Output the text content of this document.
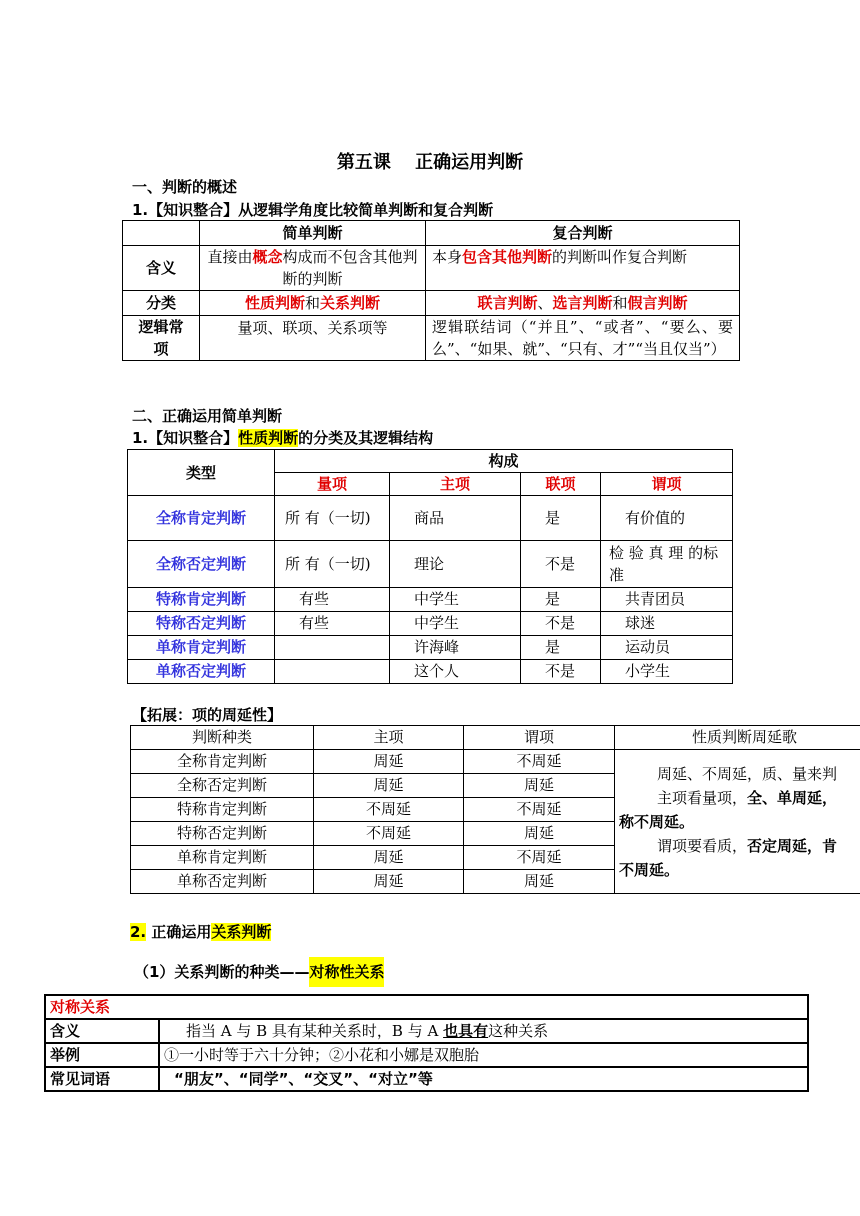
第五课　 正确运用判断
一、判断的概述
1.【知识整合】从逻辑学角度比较简单判断和复合判断
	简单判断	复合判断
含义	直接由概念构成而不包含其他判断的判断	本身包含其他判断的判断叫作复合判断
分类	性质判断和关系判断	联言判断、选言判断和假言判断
逻辑常项	量项、联项、关系项等	逻辑联结词（“并且”、“或者”、“要么、要么”、“如果、就”、“只有、才”“当且仅当”）
二、正确运用简单判断
1.【知识整合】性质判断的分类及其逻辑结构
类型	构成			
	量项	主项	联项	谓项
全称肯定判断	所 有（一切)	商品	是	有价值的
全称否定判断	所 有（一切)	理论	不是	检 验 真 理 的标准
特称肯定判断	有些	中学生	是	共青团员
特称否定判断	有些	中学生	不是	球迷
单称肯定判断		许海峰	是	运动员
单称否定判断		这个人	不是	小学生
【拓展：项的周延性】
判断种类	主项	谓项	性质判断周延歌
全称肯定判断	周延	不周延	周延、不周延，质、量来判
主项看量项，全、单周延，
称不周延。
谓项要看质，否定周延，肯
不周延。

全称否定判断	周延	周延	
特称肯定判断	不周延	不周延	
特称否定判断	不周延	周延	
单称肯定判断	周延	不周延	
单称否定判断	周延	周延	
2. 正确运用关系判断
（1）关系判断的种类——对称性关系
对称关系	
含义	指当 A 与 B 具有某种关系时，B 与 A 也具有这种关系
举例	①一小时等于六十分钟；②小花和小娜是双胞胎
常见词语	“朋友”、“同学”、“交叉”、“对立”等
